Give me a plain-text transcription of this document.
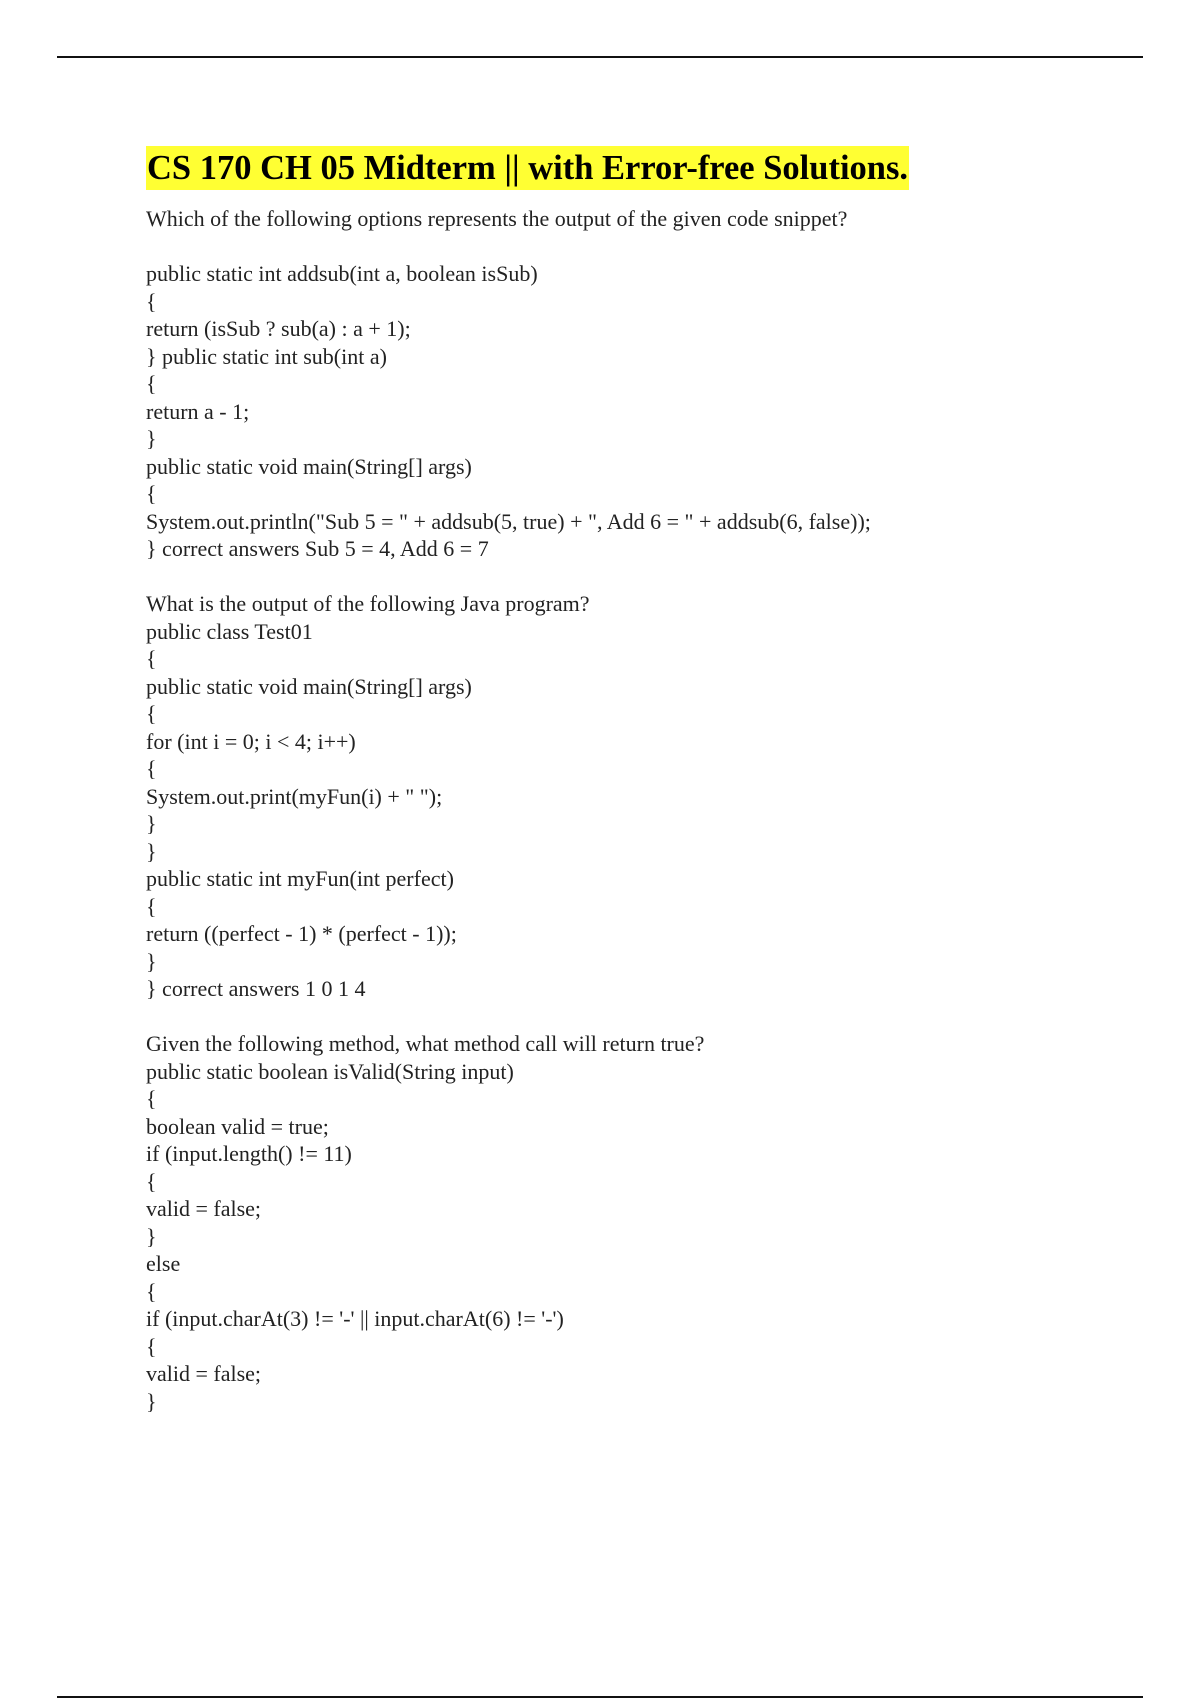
CS 170 CH 05 Midterm || with Error-free Solutions.
Which of the following options represents the output of the given code snippet?
public static int addsub(int a, boolean isSub)
{
return (isSub ? sub(a) : a + 1);
} public static int sub(int a)
{
return a - 1;
}
public static void main(String[] args)
{
System.out.println("Sub 5 = " + addsub(5, true) + ", Add 6 = " + addsub(6, false));
} correct answers Sub 5 = 4, Add 6 = 7
What is the output of the following Java program?
public class Test01
{
public static void main(String[] args)
{
for (int i = 0; i < 4; i++)
{
System.out.print(myFun(i) + " ");
}
}
public static int myFun(int perfect)
{
return ((perfect - 1) * (perfect - 1));
}
} correct answers 1 0 1 4
Given the following method, what method call will return true?
public static boolean isValid(String input)
{
boolean valid = true;
if (input.length() != 11)
{
valid = false;
}
else
{
if (input.charAt(3) != '-' || input.charAt(6) != '-')
{
valid = false;
}
